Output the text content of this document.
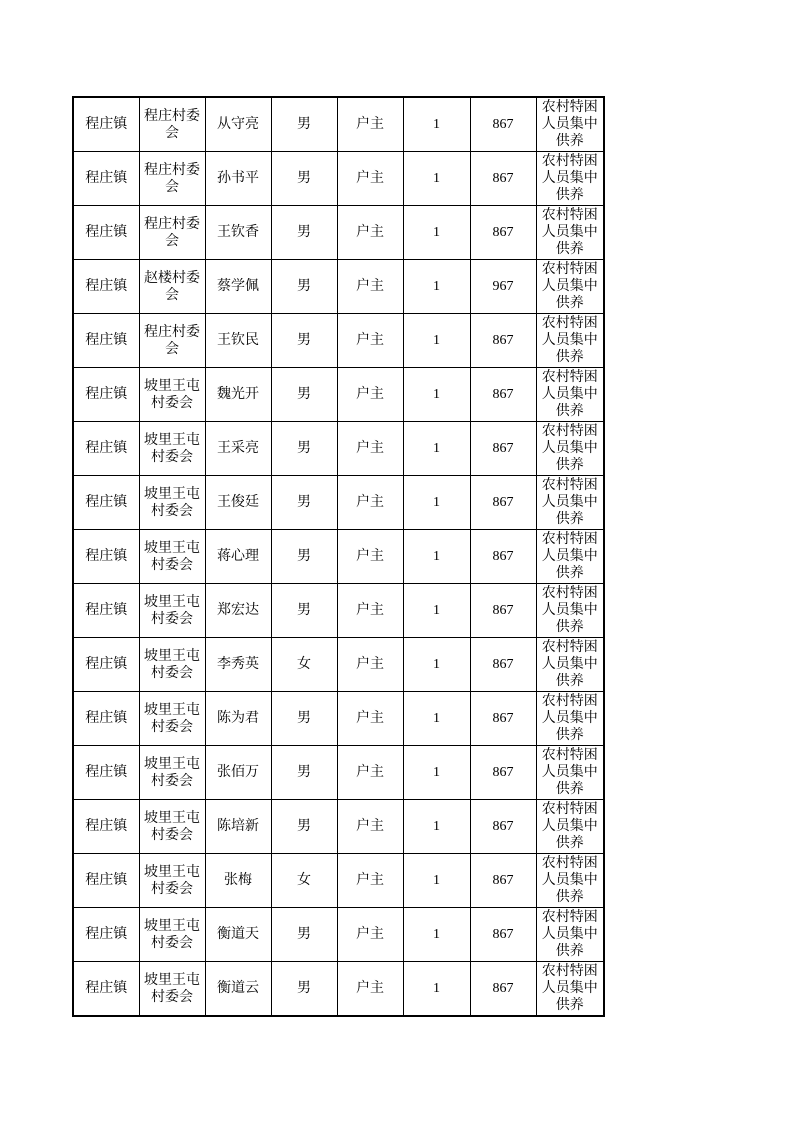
程庄镇	程庄村委会	从守亮	男	户主	1	867	农村特困人员集中供养
程庄镇	程庄村委会	孙书平	男	户主	1	867	农村特困人员集中供养
程庄镇	程庄村委会	王钦香	男	户主	1	867	农村特困人员集中供养
程庄镇	赵楼村委会	蔡学佩	男	户主	1	967	农村特困人员集中供养
程庄镇	程庄村委会	王钦民	男	户主	1	867	农村特困人员集中供养
程庄镇	坡里王屯村委会	魏光开	男	户主	1	867	农村特困人员集中供养
程庄镇	坡里王屯村委会	王采亮	男	户主	1	867	农村特困人员集中供养
程庄镇	坡里王屯村委会	王俊廷	男	户主	1	867	农村特困人员集中供养
程庄镇	坡里王屯村委会	蒋心理	男	户主	1	867	农村特困人员集中供养
程庄镇	坡里王屯村委会	郑宏达	男	户主	1	867	农村特困人员集中供养
程庄镇	坡里王屯村委会	李秀英	女	户主	1	867	农村特困人员集中供养
程庄镇	坡里王屯村委会	陈为君	男	户主	1	867	农村特困人员集中供养
程庄镇	坡里王屯村委会	张佰万	男	户主	1	867	农村特困人员集中供养
程庄镇	坡里王屯村委会	陈培新	男	户主	1	867	农村特困人员集中供养
程庄镇	坡里王屯村委会	张梅	女	户主	1	867	农村特困人员集中供养
程庄镇	坡里王屯村委会	衡道天	男	户主	1	867	农村特困人员集中供养
程庄镇	坡里王屯村委会	衡道云	男	户主	1	867	农村特困人员集中供养
